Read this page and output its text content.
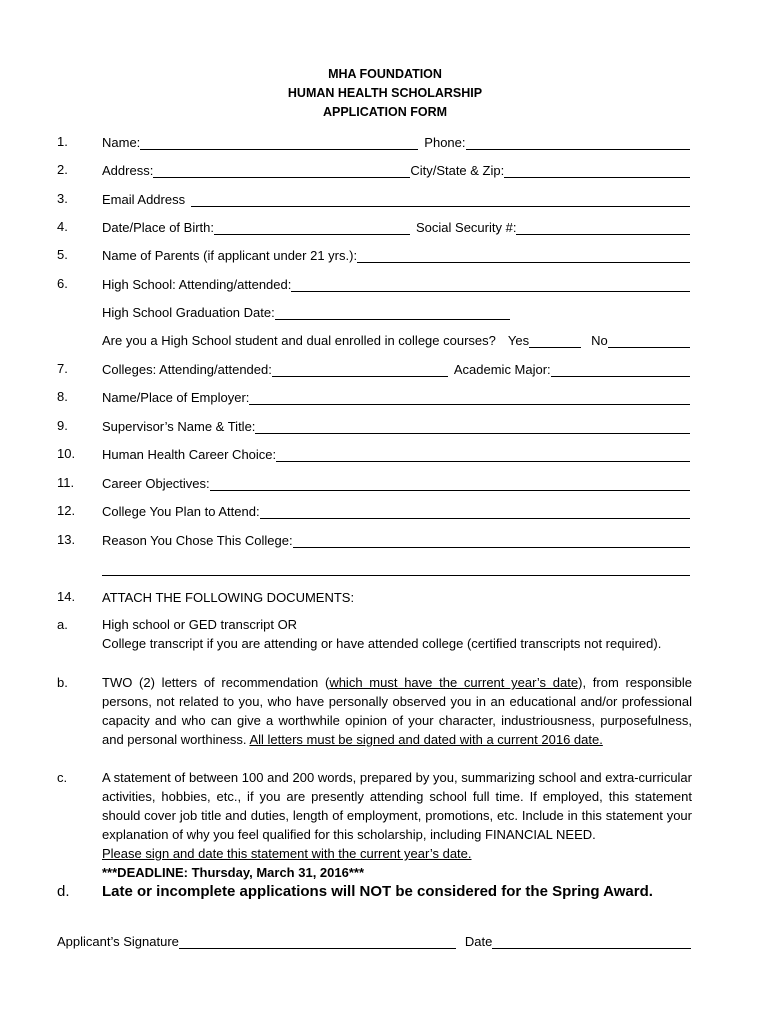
MHA FOUNDATION
HUMAN HEALTH SCHOLARSHIP
APPLICATION FORM
1.	Name:	Phone:
2.	Address:	City/State & Zip:
3.	Email Address
4.	Date/Place of Birth:	Social Security #:
5.	Name of Parents (if applicant under 21 yrs.):
6.	High School: Attending/attended:
High School Graduation Date:
Are you a High School student and dual enrolled in college courses? Yes	No
7.	Colleges: Attending/attended:	Academic Major:
8.	Name/Place of Employer:
9.	Supervisor’s Name & Title:
10. Human Health Career Choice:
11. Career Objectives:
12. College You Plan to Attend:
13. Reason You Chose This College:
14. ATTACH THE FOLLOWING DOCUMENTS:
a.	High school or GED transcript OR

College transcript if you are attending or have attended college (certified transcripts not required).

b.	TWO (2) letters of recommendation (which must have the current year’s date), from responsible persons, not related to you, who have personally observed you in an educational and/or professional capacity and who can give a worthwhile opinion of your character, industriousness, purposefulness, and personal worthiness. All letters must be signed and dated with a current 2016 date.

c.	A statement of between 100 and 200 words, prepared by you, summarizing school and extra-curricular activities, hobbies, etc., if you are presently attending school full time. If employed, this statement should cover job title and duties, length of employment, promotions, etc. Include in this statement your explanation of why you feel qualified for this scholarship, including FINANCIAL NEED.

Please sign and date this statement with the current year’s date.

***DEADLINE: Thursday, March 31, 2016***

d. Late or incomplete applications will NOT be considered for the Spring Award.
Applicant’s Signature	Date
